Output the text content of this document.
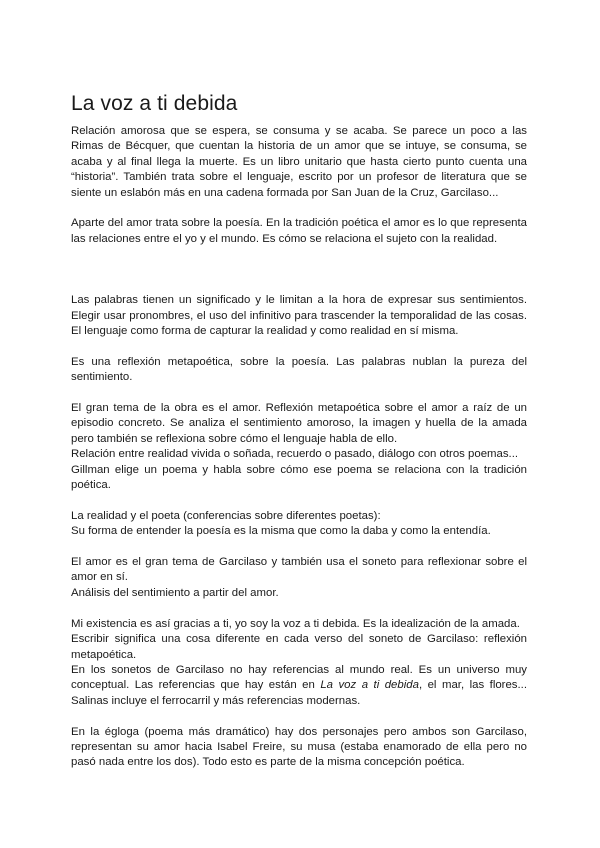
La voz a ti debida

Relación amorosa que se espera, se consuma y se acaba. Se parece un poco a las Rimas de Bécquer, que cuentan la historia de un amor que se intuye, se consuma, se acaba y al final llega la muerte. Es un libro unitario que hasta cierto punto cuenta una “historia”. También trata sobre el lenguaje, escrito por un profesor de literatura que se siente un eslabón más en una cadena formada por San Juan de la Cruz, Garcilaso...

Aparte del amor trata sobre la poesía. En la tradición poética el amor es lo que representa las relaciones entre el yo y el mundo. Es cómo se relaciona el sujeto con la realidad.

Las palabras tienen un significado y le limitan a la hora de expresar sus sentimientos. Elegir usar pronombres, el uso del infinitivo para trascender la temporalidad de las cosas. El lenguaje como forma de capturar la realidad y como realidad en sí misma.

Es una reflexión metapoética, sobre la poesía. Las palabras nublan la pureza del sentimiento.

El gran tema de la obra es el amor. Reflexión metapoética sobre el amor a raíz de un episodio concreto. Se analiza el sentimiento amoroso, la imagen y huella de la amada pero también se reflexiona sobre cómo el lenguaje habla de ello.
Relación entre realidad vivida o soñada, recuerdo o pasado, diálogo con otros poemas...
Gillman elige un poema y habla sobre cómo ese poema se relaciona con la tradición poética.

La realidad y el poeta (conferencias sobre diferentes poetas):
Su forma de entender la poesía es la misma que como la daba y como la entendía.

El amor es el gran tema de Garcilaso y también usa el soneto para reflexionar sobre el amor en sí.
Análisis del sentimiento a partir del amor.

Mi existencia es así gracias a ti, yo soy la voz a ti debida. Es la idealización de la amada.
Escribir significa una cosa diferente en cada verso del soneto de Garcilaso: reflexión metapoética.
En los sonetos de Garcilaso no hay referencias al mundo real. Es un universo muy conceptual. Las referencias que hay están en La voz a ti debida, el mar, las flores... Salinas incluye el ferrocarril y más referencias modernas.

En la égloga (poema más dramático) hay dos personajes pero ambos son Garcilaso, representan su amor hacia Isabel Freire, su musa (estaba enamorado de ella pero no pasó nada entre los dos). Todo esto es parte de la misma concepción poética.
